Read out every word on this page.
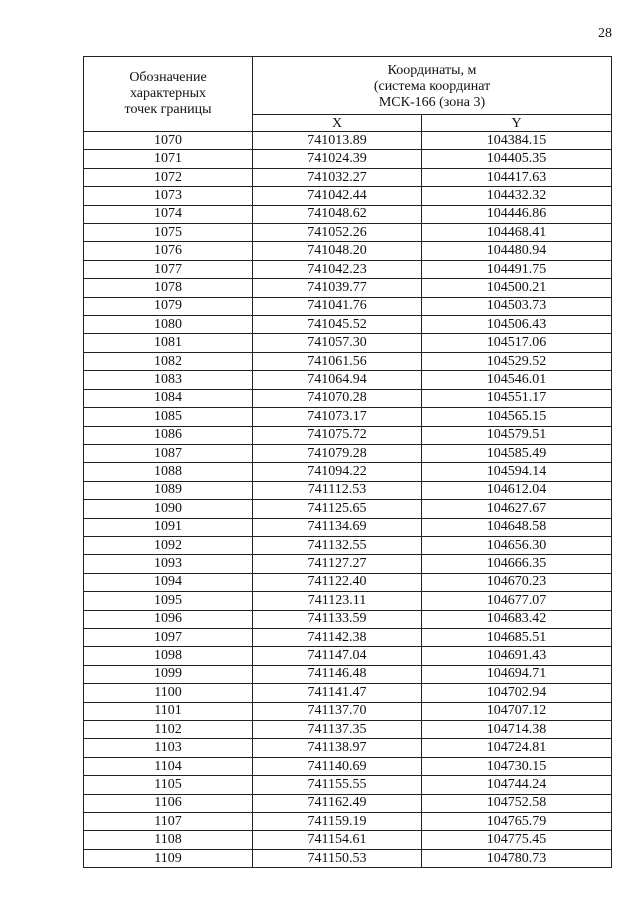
28
Обозначение
характерных
точек границы	Координаты, м
(система координат
МСК-166 (зона 3)	

	X	Y
1070	741013.89	104384.15
1071	741024.39	104405.35
1072	741032.27	104417.63
1073	741042.44	104432.32
1074	741048.62	104446.86
1075	741052.26	104468.41
1076	741048.20	104480.94
1077	741042.23	104491.75
1078	741039.77	104500.21
1079	741041.76	104503.73
1080	741045.52	104506.43
1081	741057.30	104517.06
1082	741061.56	104529.52
1083	741064.94	104546.01
1084	741070.28	104551.17
1085	741073.17	104565.15
1086	741075.72	104579.51
1087	741079.28	104585.49
1088	741094.22	104594.14
1089	741112.53	104612.04
1090	741125.65	104627.67
1091	741134.69	104648.58
1092	741132.55	104656.30
1093	741127.27	104666.35
1094	741122.40	104670.23
1095	741123.11	104677.07
1096	741133.59	104683.42
1097	741142.38	104685.51
1098	741147.04	104691.43
1099	741146.48	104694.71
1100	741141.47	104702.94
1101	741137.70	104707.12
1102	741137.35	104714.38
1103	741138.97	104724.81
1104	741140.69	104730.15
1105	741155.55	104744.24
1106	741162.49	104752.58
1107	741159.19	104765.79
1108	741154.61	104775.45
1109	741150.53	104780.73
